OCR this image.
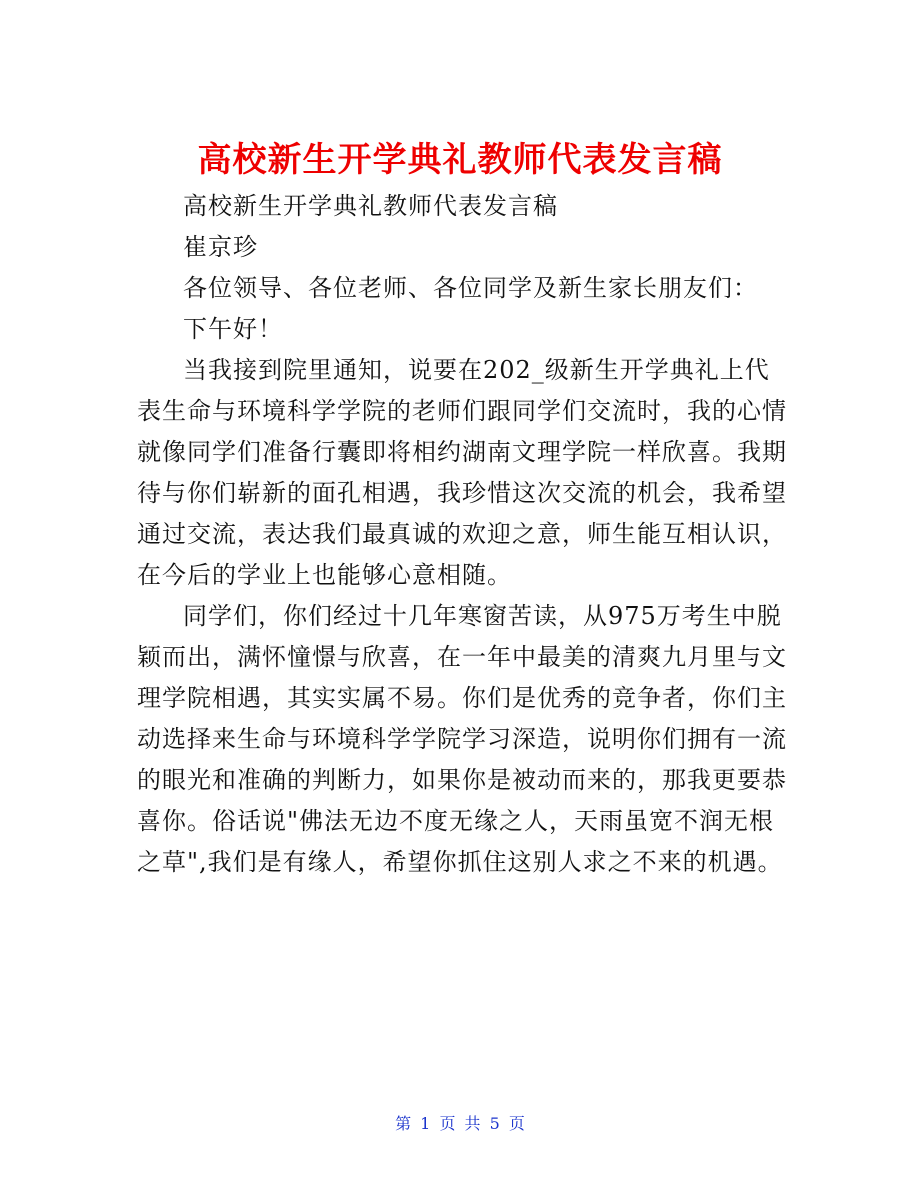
高校新生开学典礼教师代表发言稿

高校新生开学典礼教师代表发言稿

崔京珍

各位领导、各位老师、各位同学及新生家长朋友们：

下午好！

当我接到院里通知，说要在202_级新生开学典礼上代表生命与环境科学学院的老师们跟同学们交流时，我的心情就像同学们准备行囊即将相约湖南文理学院一样欣喜。我期待与你们崭新的面孔相遇，我珍惜这次交流的机会，我希望通过交流，表达我们最真诚的欢迎之意，师生能互相认识，在今后的学业上也能够心意相随。

同学们，你们经过十几年寒窗苦读，从975万考生中脱颖而出，满怀憧憬与欣喜，在一年中最美的清爽九月里与文理学院相遇，其实实属不易。你们是优秀的竞争者，你们主动选择来生命与环境科学学院学习深造，说明你们拥有一流的眼光和准确的判断力，如果你是被动而来的，那我更要恭喜你。俗话说"佛法无边不度无缘之人，天雨虽宽不润无根之草",我们是有缘人，希望你抓住这别人求之不来的机遇。

第 1 页 共 5 页
